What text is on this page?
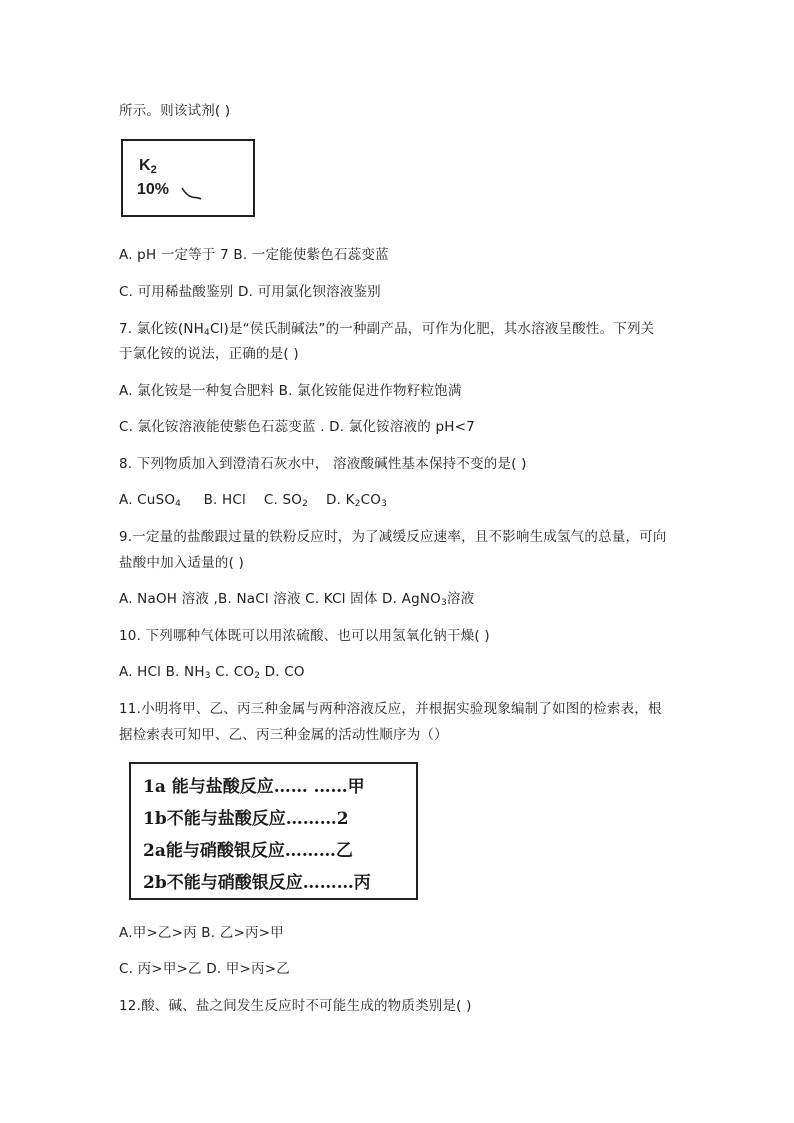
所示。则该试剂( )
$K_2$
10%
A. pH 一定等于 7 B. 一定能使紫色石蕊变蓝
C. 可用稀盐酸鉴别 D. 可用氯化钡溶液鉴别
7. 氯化铵$(NH_4Cl)$是“侯氏制碱法”的一种副产品，可作为化肥，其水溶液呈酸性。下列关
于氯化铵的说法，正确的是( )
A. 氯化铵是一种复合肥料 B. 氯化铵能促进作物籽粒饱满
C. 氯化铵溶液能使紫色石蕊变蓝 . D. 氯化铵溶液的 pH<7
8. 下列物质加入到澄清石灰水中， 溶液酸碱性基本保持不变的是( )
A. CuSO$_4$ B. HCl C. $SO_2$ D. $K_2CO_3$
9.一定量的盐酸跟过量的铁粉反应时，为了减缓反应速率，且不影响生成氢气的总量，可向
盐酸中加入适量的( )
A. NaOH 溶液 ,B. NaCl 溶液 C. KCl 固体 D. AgNO$_3$溶液
10. 下列哪种气体既可以用浓硫酸、也可以用氢氧化钠干燥( )
A. HCl B. $NH_3$ C. $CO_2$ D. CO
11.小明将甲、乙、丙三种金属与两种溶液反应，并根据实验现象编制了如图的检索表，根
据检索表可知甲、乙、丙三种金属的活动性顺序为（）
1a 能与盐酸反应…… ……甲
1b不能与盐酸反应………2
2a能与硝酸银反应………乙
2b不能与硝酸银反应………丙
A.甲>乙>丙 B. 乙>丙>甲
C. 丙>甲>乙 D. 甲>丙>乙
12.酸、碱、盐之间发生反应时不可能生成的物质类别是( )
